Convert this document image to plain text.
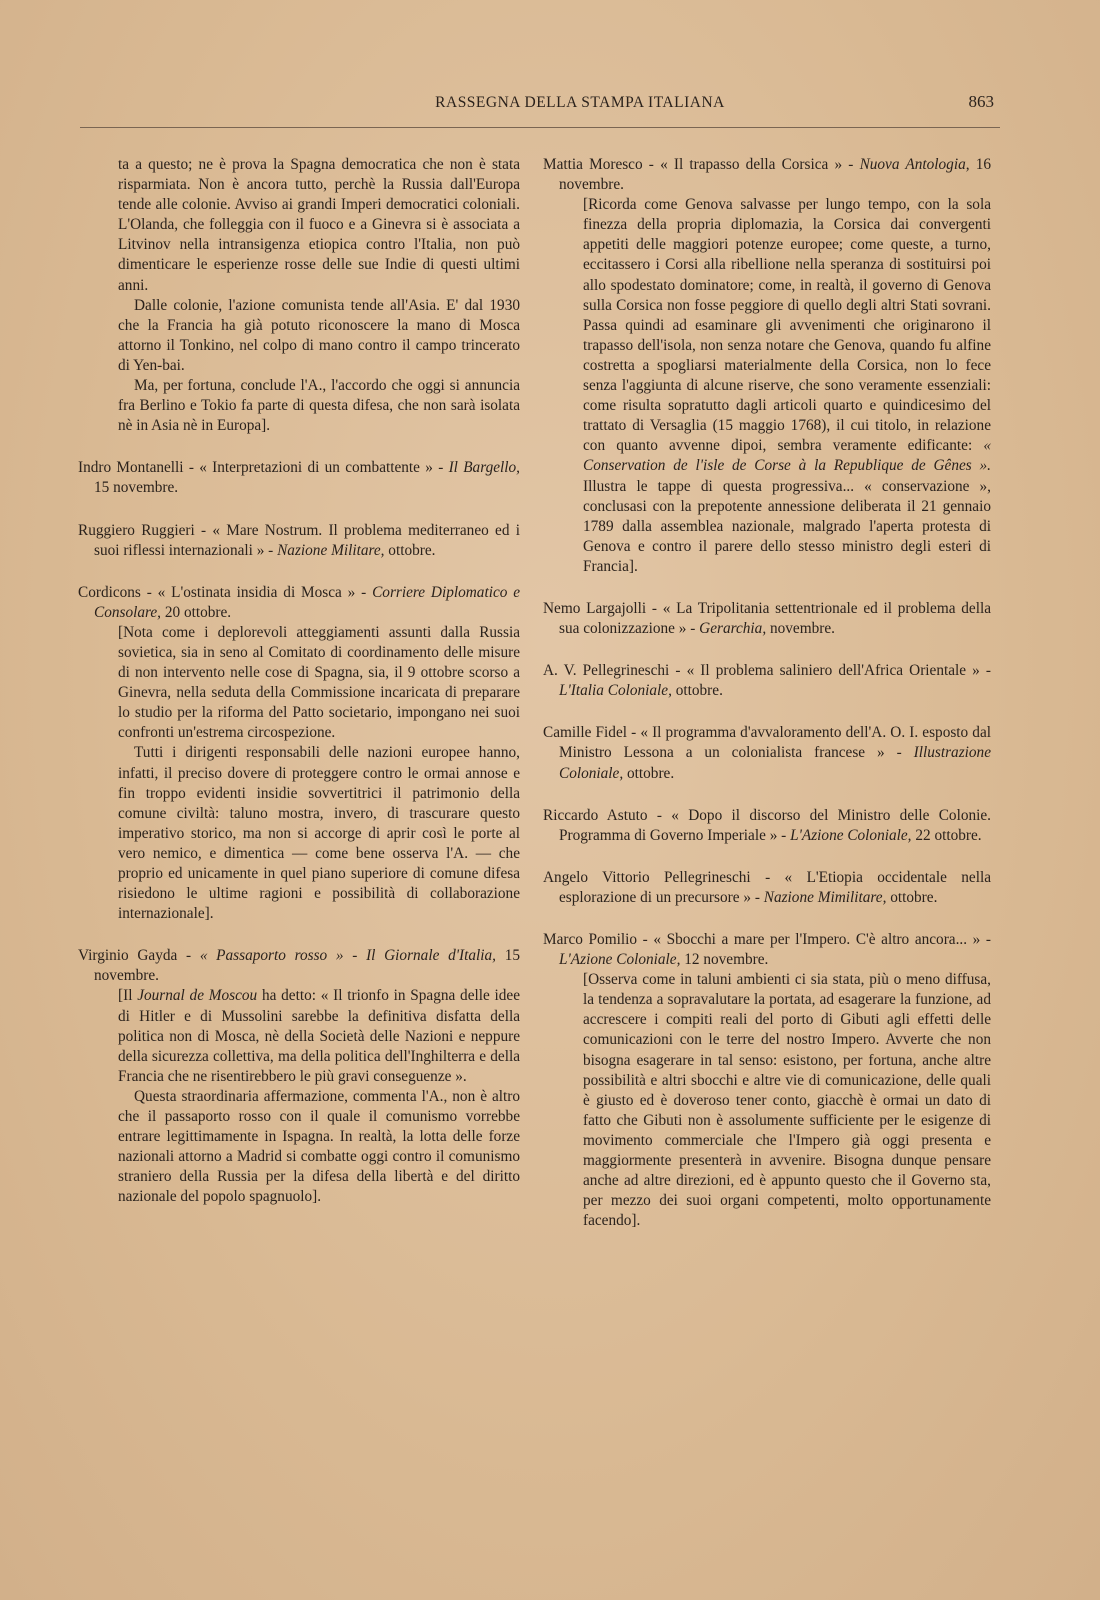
RASSEGNA DELLA STAMPA ITALIANA	863

ta a questo; ne è prova la Spagna democratica che non è stata risparmiata. Non è ancora tutto, perchè la Russia dall'Europa tende alle colonie. Avviso ai grandi Imperi democratici coloniali. L'Olanda, che folleggia con il fuoco e a Ginevra si è associata a Litvinov nella intransigenza etiopica contro l'Italia, non può dimenticare le esperienze rosse delle sue Indie di questi ultimi anni.

Dalle colonie, l'azione comunista tende all'Asia. E' dal 1930 che la Francia ha già potuto riconoscere la mano di Mosca attorno il Tonkino, nel colpo di mano contro il campo trincerato di Yen-bai.

Ma, per fortuna, conclude l'A., l'accordo che oggi si annuncia fra Berlino e Tokio fa parte di questa difesa, che non sarà isolata nè in Asia nè in Europa].

Indro Montanelli - « Interpretazioni di un combattente » - Il Bargello, 15 novembre.

Ruggiero Ruggieri - « Mare Nostrum. Il problema mediterraneo ed i suoi riflessi internazionali » - Nazione Militare, ottobre.

Cordicons - « L'ostinata insidia di Mosca » - Corriere Diplomatico e Consolare, 20 ottobre.

[Nota come i deplorevoli atteggiamenti assunti dalla Russia sovietica, sia in seno al Comitato di coordinamento delle misure di non intervento nelle cose di Spagna, sia, il 9 ottobre scorso a Ginevra, nella seduta della Commissione incaricata di preparare lo studio per la riforma del Patto societario, impongano nei suoi confronti un'estrema circospezione.

Tutti i dirigenti responsabili delle nazioni europee hanno, infatti, il preciso dovere di proteggere contro le ormai annose e fin troppo evidenti insidie sovvertitrici il patrimonio della comune civiltà: taluno mostra, invero, di trascurare questo imperativo storico, ma non si accorge di aprir così le porte al vero nemico, e dimentica — come bene osserva l'A. — che proprio ed unicamente in quel piano superiore di comune difesa risiedono le ultime ragioni e possibilità di collaborazione internazionale].

Virginio Gayda - « Passaporto rosso » - Il Giornale d'Italia, 15 novembre.

[Il Journal de Moscou ha detto: « Il trionfo in Spagna delle idee di Hitler e di Mussolini sarebbe la definitiva disfatta della politica non di Mosca, nè della Società delle Nazioni e neppure della sicurezza collettiva, ma della politica dell'Inghilterra e della Francia che ne risentirebbero le più gravi conseguenze ».

Questa straordinaria affermazione, commenta l'A., non è altro che il passaporto rosso con il quale il comunismo vorrebbe entrare legittimamente in Ispagna. In realtà, la lotta delle forze nazionali attorno a Madrid si combatte oggi contro il comunismo straniero della Russia per la difesa della libertà e del diritto nazionale del popolo spagnuolo].

Mattia Moresco - « Il trapasso della Corsica » - Nuova Antologia, 16 novembre.

[Ricorda come Genova salvasse per lungo tempo, con la sola finezza della propria diplomazia, la Corsica dai convergenti appetiti delle maggiori potenze europee; come queste, a turno, eccitassero i Corsi alla ribellione nella speranza di sostituirsi poi allo spodestato dominatore; come, in realtà, il governo di Genova sulla Corsica non fosse peggiore di quello degli altri Stati sovrani. Passa quindi ad esaminare gli avvenimenti che originarono il trapasso dell'isola, non senza notare che Genova, quando fu alfine costretta a spogliarsi materialmente della Corsica, non lo fece senza l'aggiunta di alcune riserve, che sono veramente essenziali: come risulta sopratutto dagli articoli quarto e quindicesimo del trattato di Versaglia (15 maggio 1768), il cui titolo, in relazione con quanto avvenne dipoi, sembra veramente edificante: « Conservation de l'isle de Corse à la Republique de Gênes ». Illustra le tappe di questa progressiva... « conservazione », conclusasi con la prepotente annessione deliberata il 21 gennaio 1789 dalla assemblea nazionale, malgrado l'aperta protesta di Genova e contro il parere dello stesso ministro degli esteri di Francia].

Nemo Largajolli - « La Tripolitania settentrionale ed il problema della sua colonizzazione » - Gerarchia, novembre.

A. V. Pellegrineschi - « Il problema saliniero dell'Africa Orientale » - L'Italia Coloniale, ottobre.

Camille Fidel - « Il programma d'avvaloramento dell'A. O. I. esposto dal Ministro Lessona a un colonialista francese » - Illustrazione Coloniale, ottobre.

Riccardo Astuto - « Dopo il discorso del Ministro delle Colonie. Programma di Governo Imperiale » - L'Azione Coloniale, 22 ottobre.

Angelo Vittorio Pellegrineschi - « L'Etiopia occidentale nella esplorazione di un precursore » - Nazione Mimilitare, ottobre.

Marco Pomilio - « Sbocchi a mare per l'Impero. C'è altro ancora... » - L'Azione Coloniale, 12 novembre.

[Osserva come in taluni ambienti ci sia stata, più o meno diffusa, la tendenza a sopravalutare la portata, ad esagerare la funzione, ad accrescere i compiti reali del porto di Gibuti agli effetti delle comunicazioni con le terre del nostro Impero. Avverte che non bisogna esagerare in tal senso: esistono, per fortuna, anche altre possibilità e altri sbocchi e altre vie di comunicazione, delle quali è giusto ed è doveroso tener conto, giacchè è ormai un dato di fatto che Gibuti non è assolumente sufficiente per le esigenze di movimento commerciale che l'Impero già oggi presenta e maggiormente presenterà in avvenire. Bisogna dunque pensare anche ad altre direzioni, ed è appunto questo che il Governo sta, per mezzo dei suoi organi competenti, molto opportunamente facendo].
